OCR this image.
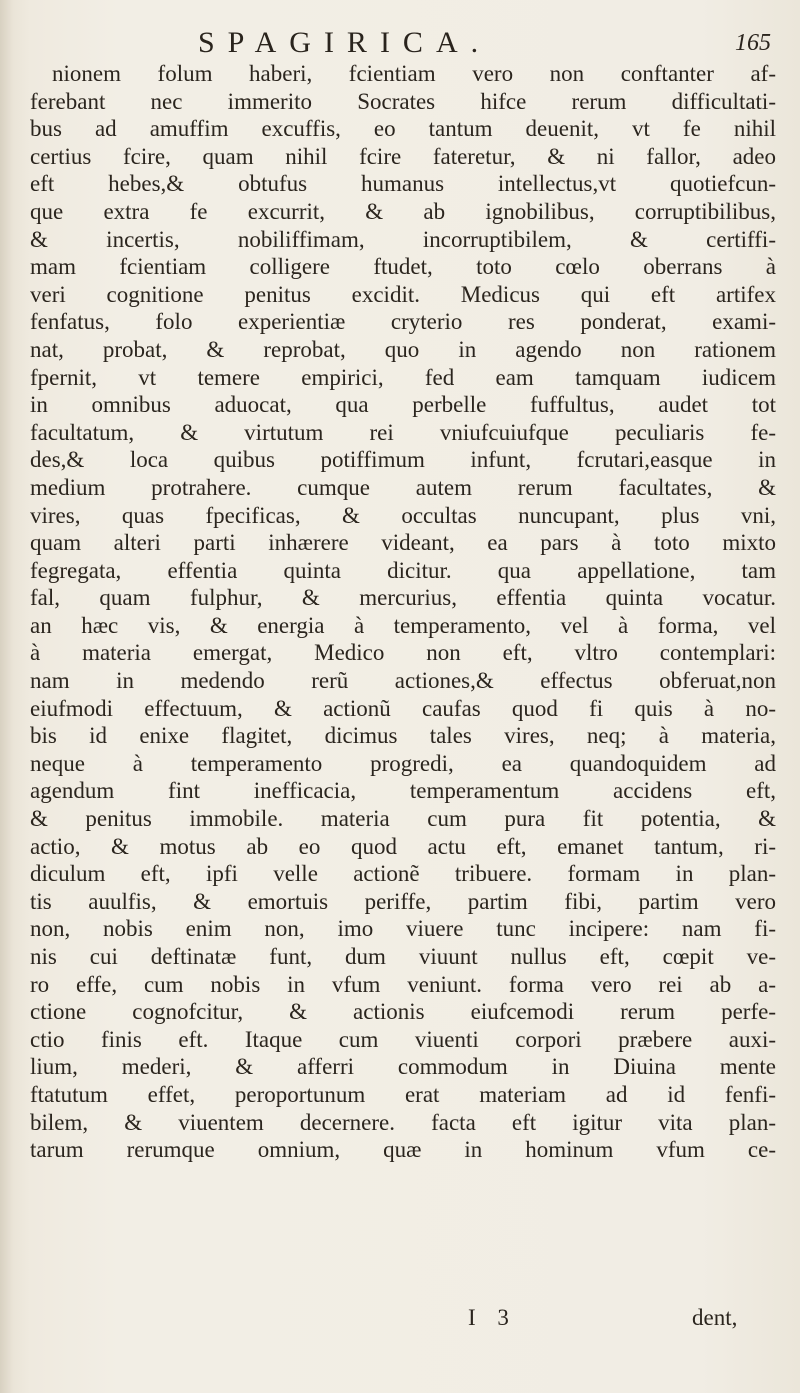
SPAGIRICA.	165
nionem folum haberi, fcientiam vero non conftanter af-
ferebant nec immerito Socrates hifce rerum difficultati-
bus ad amuffim excuffis, eo tantum deuenit, vt fe nihil
certius fcire, quam nihil fcire fateretur, & ni fallor, adeo
eft hebes,& obtufus humanus intellectus,vt quotiefcun-
que extra fe excurrit, & ab ignobilibus, corruptibilibus,
& incertis, nobiliffimam, incorruptibilem, & certiffi-
mam fcientiam colligere ftudet, toto cœlo oberrans à
veri cognitione penitus excidit. Medicus qui eft artifex
fenfatus, folo experientiæ cryterio res ponderat, exami-
nat, probat, & reprobat, quo in agendo non rationem
fpernit, vt temere empirici, fed eam tamquam iudicem
in omnibus aduocat, qua perbelle fuffultus, audet tot
facultatum, & virtutum rei vniufcuiufque peculiaris fe-
des,& loca quibus potiffimum infunt, fcrutari,easque in
medium protrahere. cumque autem rerum facultates, &
vires, quas fpecificas, & occultas nuncupant, plus vni,
quam alteri parti inhærere videant, ea pars à toto mixto
fegregata, effentia quinta dicitur. qua appellatione, tam
fal, quam fulphur, & mercurius, effentia quinta vocatur.
an hæc vis, & energia à temperamento, vel à forma, vel
à materia emergat, Medico non eft, vltro contemplari:
nam in medendo rerũ actiones,& effectus obferuat,non
eiufmodi effectuum, & actionũ caufas quod fi quis à no-
bis id enixe flagitet, dicimus tales vires, neq; à materia,
neque à temperamento progredi, ea quandoquidem ad
agendum fint inefficacia, temperamentum accidens eft,
& penitus immobile. materia cum pura fit potentia, &
actio, & motus ab eo quod actu eft, emanet tantum, ri-
diculum eft, ipfi velle actionẽ tribuere. formam in plan-
tis auulfis, & emortuis periffe, partim fibi, partim vero
non, nobis enim non, imo viuere tunc incipere: nam fi-
nis cui deftinatæ funt, dum viuunt nullus eft, cœpit ve-
ro effe, cum nobis in vfum veniunt. forma vero rei ab a-
ctione cognofcitur, & actionis eiufcemodi rerum perfe-
ctio finis eft. Itaque cum viuenti corpori præbere auxi-
lium, mederi, & afferri commodum in Diuina mente
ftatutum effet, peroportunum erat materiam ad id fenfi-
bilem, & viuentem decernere. facta eft igitur vita plan-
tarum rerumque omnium, quæ in hominum vfum ce-
I 3	dent,
